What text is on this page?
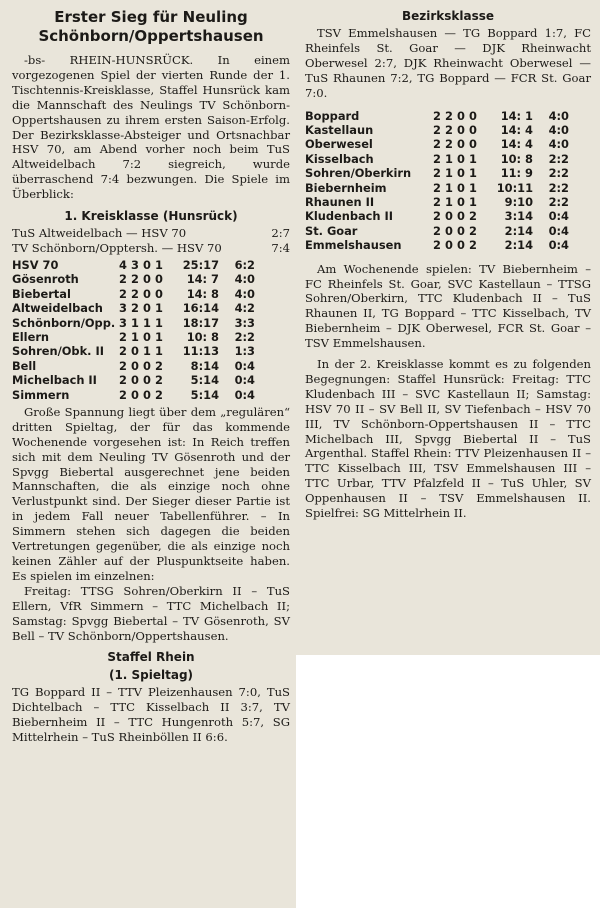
Erster Sieg für Neuling
Schönborn/Oppertshausen

-bs- RHEIN-HUNSRÜCK. In einem vorgezogenen Spiel der vierten Runde der 1. Tischtennis-Kreisklasse, Staffel Hunsrück kam die Mannschaft des Neulings TV Schönborn-Oppertshausen zu ihrem ersten Saison-Erfolg. Der Bezirksklasse-Absteiger und Ortsnachbar HSV 70, am Abend vorher noch beim TuS Altweidelbach 7:2 siegreich, wurde überraschend 7:4 bezwungen. Die Spiele im Überblick:

1. Kreisklasse (Hunsrück)
TuS Altweidelbach — HSV 70	2:7
TV Schönborn/Opptersh. — HSV 70	7:4
HSV 70	4	3	0	1	25:17	6:2
Gösenroth	2	2	0	0	14: 7	4:0
Biebertal	2	2	0	0	14: 8	4:0
Altweidelbach	3	2	0	1	16:14	4:2
Schönborn/Opp.	3	1	1	1	18:17	3:3
Ellern	2	1	0	1	10: 8	2:2
Sohren/Obk. II	2	0	1	1	11:13	1:3
Bell	2	0	0	2	8:14	0:4
Michelbach II	2	0	0	2	5:14	0:4
Simmern	2	0	0	2	5:14	0:4

Große Spannung liegt über dem „regulären“ dritten Spieltag, der für das kommende Wochenende vorgesehen ist: In Reich treffen sich mit dem Neuling TV Gösenroth und der Spvgg Biebertal ausgerechnet jene beiden Mannschaften, die als einzige noch ohne Verlustpunkt sind. Der Sieger dieser Partie ist in jedem Fall neuer Tabellenführer. – In Simmern stehen sich dagegen die beiden Vertretungen gegenüber, die als einzige noch keinen Zähler auf der Pluspunktseite haben. Es spielen im einzelnen:

Freitag: TTSG Sohren/Oberkirn II – TuS Ellern, VfR Simmern – TTC Michelbach II; Samstag: Spvgg Biebertal – TV Gösenroth, SV Bell – TV Schönborn/Oppertshausen.

Staffel Rhein
(1. Spieltag)

TG Boppard II – TTV Pleizenhausen 7:0, TuS Dichtelbach – TTC Kisselbach II 3:7, TV Biebernheim II – TTC Hungenroth 5:7, SG Mittelrhein – TuS Rheinböllen II 6:6.

Bezirksklasse

TSV Emmelshausen — TG Boppard 1:7, FC Rheinfels St. Goar — DJK Rheinwacht Oberwesel 2:7, DJK Rheinwacht Oberwesel — TuS Rhaunen 7:2, TG Boppard — FCR St. Goar 7:0.

Boppard	2	2	0	0	14: 1	4:0
Kastellaun	2	2	0	0	14: 4	4:0
Oberwesel	2	2	0	0	14: 4	4:0
Kisselbach	2	1	0	1	10: 8	2:2
Sohren/Oberkirn	2	1	0	1	11: 9	2:2
Biebernheim	2	1	0	1	10:11	2:2
Rhaunen II	2	1	0	1	9:10	2:2
Kludenbach II	2	0	0	2	3:14	0:4
St. Goar	2	0	0	2	2:14	0:4
Emmelshausen	2	0	0	2	2:14	0:4

Am Wochenende spielen: TV Biebernheim – FC Rheinfels St. Goar, SVC Kastellaun – TTSG Sohren/Oberkirn, TTC Kludenbach II – TuS Rhaunen II, TG Boppard – TTC Kisselbach, TV Biebernheim – DJK Oberwesel, FCR St. Goar – TSV Emmelshausen.

In der 2. Kreisklasse kommt es zu folgenden Begegnungen: Staffel Hunsrück: Freitag: TTC Kludenbach III – SVC Kastellaun II; Samstag: HSV 70 II – SV Bell II, SV Tiefenbach – HSV 70 III, TV Schönborn-Oppertshausen II – TTC Michelbach III, Spvgg Biebertal II – TuS Argenthal. Staffel Rhein: TTV Pleizenhausen II – TTC Kisselbach III, TSV Emmelshausen III – TTC Urbar, TTV Pfalzfeld II – TuS Uhler, SV Oppenhausen II – TSV Emmelshausen II. Spielfrei: SG Mittelrhein II.
